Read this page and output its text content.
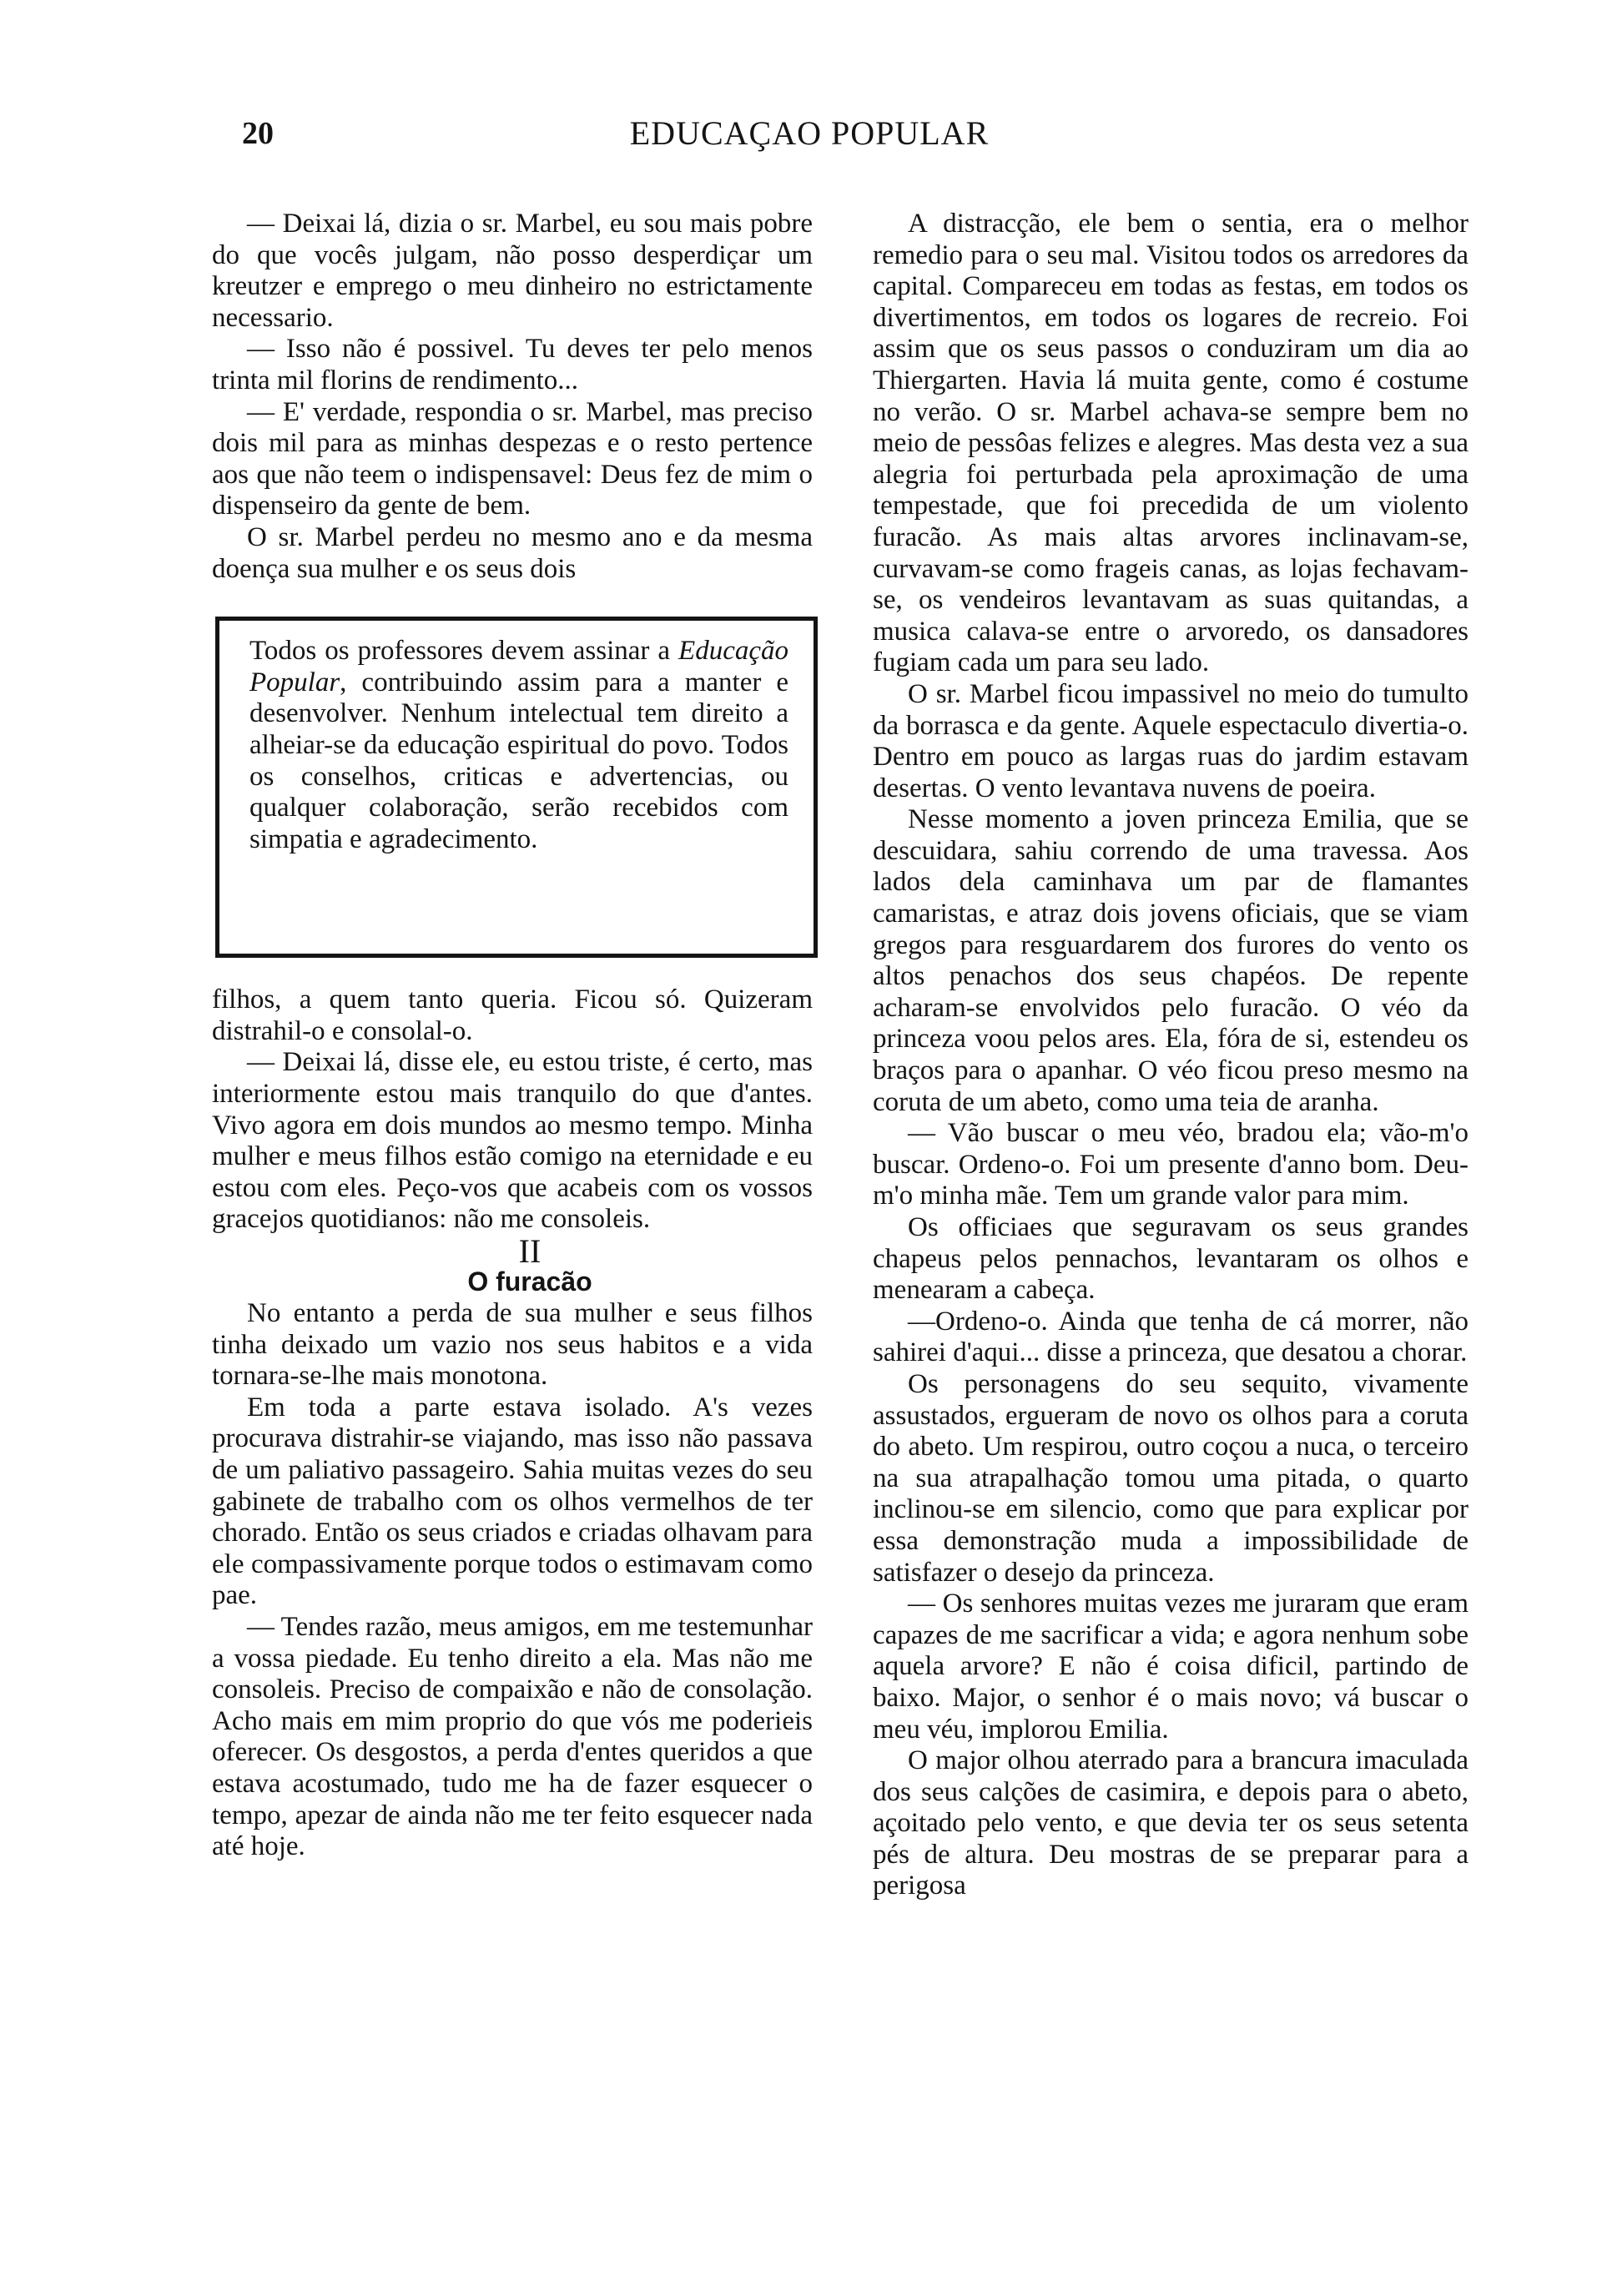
20	EDUCAÇAO POPULAR

— Deixai lá, dizia o sr. Marbel, eu sou mais pobre do que vocês julgam, não posso desperdiçar um kreutzer e emprego o meu dinheiro no estrictamente necessario.

— Isso não é possivel. Tu deves ter pelo menos trinta mil florins de rendimento...

— E' verdade, respondia o sr. Marbel, mas preciso dois mil para as minhas despezas e o resto pertence aos que não teem o indispensavel: Deus fez de mim o dispenseiro da gente de bem.

O sr. Marbel perdeu no mesmo ano e da mesma doença sua mulher e os seus dois

Todos os professores devem assinar a Educação Popular, contribuindo assim para a manter e desenvolver. Nenhum intelectual tem direito a alheiar-se da educação espiritual do povo. Todos os conselhos, criticas e advertencias, ou qualquer colaboração, serão recebidos com simpatia e agradecimento.

filhos, a quem tanto queria. Ficou só. Quizeram distrahil-o e consolal-o.

— Deixai lá, disse ele, eu estou triste, é certo, mas interiormente estou mais tranquilo do que d'antes. Vivo agora em dois mundos ao mesmo tempo. Minha mulher e meus filhos estão comigo na eternidade e eu estou com eles. Peço-vos que acabeis com os vossos gracejos quotidianos: não me consoleis.

II

O furacão

No entanto a perda de sua mulher e seus filhos tinha deixado um vazio nos seus habitos e a vida tornara-se-lhe mais monotona.

Em toda a parte estava isolado. A's vezes procurava distrahir-se viajando, mas isso não passava de um paliativo passageiro. Sahia muitas vezes do seu gabinete de trabalho com os olhos vermelhos de ter chorado. Então os seus criados e criadas olhavam para ele compassivamente porque todos o estimavam como pae.

— Tendes razão, meus amigos, em me testemunhar a vossa piedade. Eu tenho direito a ela. Mas não me consoleis. Preciso de compaixão e não de consolação. Acho mais em mim proprio do que vós me poderieis oferecer. Os desgostos, a perda d'entes queridos a que estava acostumado, tudo me ha de fazer esquecer o tempo, apezar de ainda não me ter feito esquecer nada até hoje.

A distracção, ele bem o sentia, era o melhor remedio para o seu mal. Visitou todos os arredores da capital. Compareceu em todas as festas, em todos os divertimentos, em todos os logares de recreio. Foi assim que os seus passos o conduziram um dia ao Thiergarten. Havia lá muita gente, como é costume no verão. O sr. Marbel achava-se sempre bem no meio de pessôas felizes e alegres. Mas desta vez a sua alegria foi perturbada pela aproximação de uma tempestade, que foi precedida de um violento furacão. As mais altas arvores inclinavam-se, curvavam-se como frageis canas, as lojas fechavam-se, os vendeiros levantavam as suas quitandas, a musica calava-se entre o arvoredo, os dansadores fugiam cada um para seu lado.

O sr. Marbel ficou impassivel no meio do tumulto da borrasca e da gente. Aquele espectaculo divertia-o. Dentro em pouco as largas ruas do jardim estavam desertas. O vento levantava nuvens de poeira.

Nesse momento a joven princeza Emilia, que se descuidara, sahiu correndo de uma travessa. Aos lados dela caminhava um par de flamantes camaristas, e atraz dois jovens oficiais, que se viam gregos para resguardarem dos furores do vento os altos penachos dos seus chapéos. De repente acharam-se envolvidos pelo furacão. O véo da princeza voou pelos ares. Ela, fóra de si, estendeu os braços para o apanhar. O véo ficou preso mesmo na coruta de um abeto, como uma teia de aranha.

— Vão buscar o meu véo, bradou ela; vão-m'o buscar. Ordeno-o. Foi um presente d'anno bom. Deu-m'o minha mãe. Tem um grande valor para mim.

Os officiaes que seguravam os seus grandes chapeus pelos pennachos, levantaram os olhos e menearam a cabeça.

—Ordeno-o. Ainda que tenha de cá morrer, não sahirei d'aqui... disse a princeza, que desatou a chorar.

Os personagens do seu sequito, vivamente assustados, ergueram de novo os olhos para a coruta do abeto. Um respirou, outro coçou a nuca, o terceiro na sua atrapalhação tomou uma pitada, o quarto inclinou-se em silencio, como que para explicar por essa demonstração muda a impossibilidade de satisfazer o desejo da princeza.

— Os senhores muitas vezes me juraram que eram capazes de me sacrificar a vida; e agora nenhum sobe aquela arvore? E não é coisa dificil, partindo de baixo. Major, o senhor é o mais novo; vá buscar o meu véu, implorou Emilia.

O major olhou aterrado para a brancura imaculada dos seus calções de casimira, e depois para o abeto, açoitado pelo vento, e que devia ter os seus setenta pés de altura. Deu mostras de se preparar para a perigosa
